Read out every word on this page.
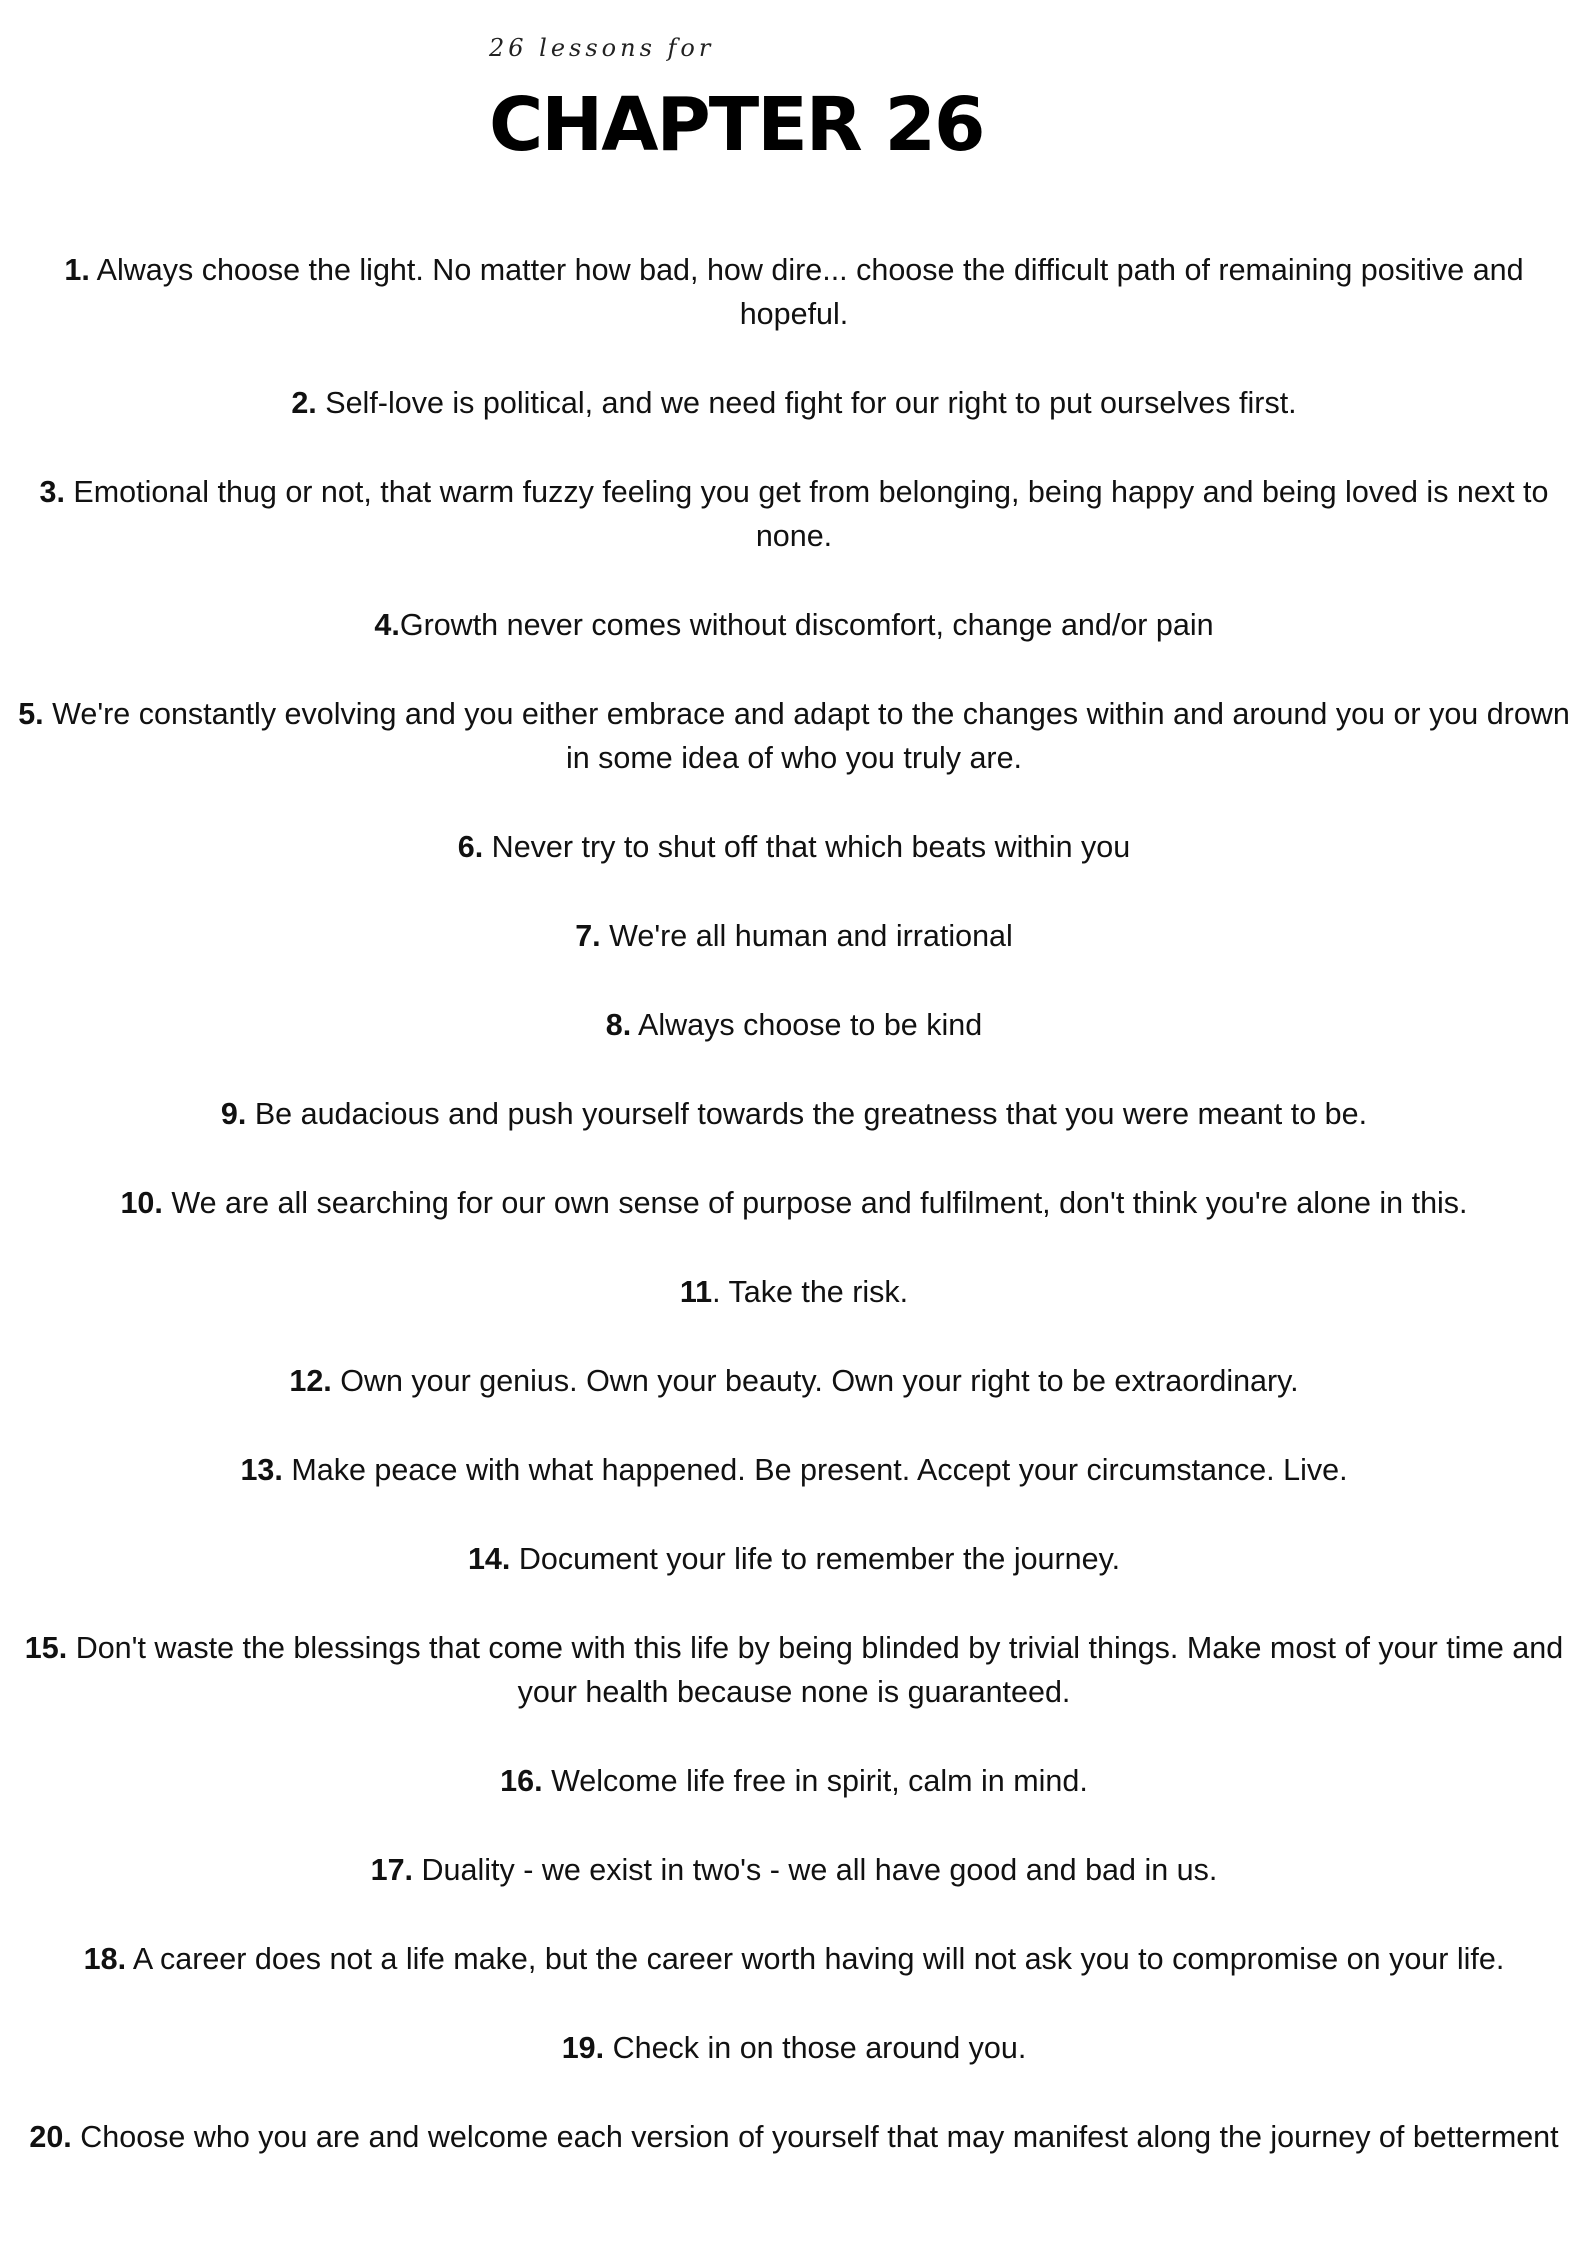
26 lessons for

CHAPTER 26
1. Always choose the light. No matter how bad, how dire... choose the difficult path of remaining positive and hopeful.
2. Self-love is political, and we need fight for our right to put ourselves first.
3. Emotional thug or not, that warm fuzzy feeling you get from belonging, being happy and being loved is next to none.
4.Growth never comes without discomfort, change and/or pain
5. We're constantly evolving and you either embrace and adapt to the changes within and around you or you drown in some idea of who you truly are.
6. Never try to shut off that which beats within you
7. We're all human and irrational
8. Always choose to be kind
9. Be audacious and push yourself towards the greatness that you were meant to be.
10. We are all searching for our own sense of purpose and fulfilment, don't think you're alone in this.
11. Take the risk.
12. Own your genius. Own your beauty. Own your right to be extraordinary.
13. Make peace with what happened. Be present. Accept your circumstance. Live.
14. Document your life to remember the journey.
15. Don't waste the blessings that come with this life by being blinded by trivial things. Make most of your time and your health because none is guaranteed.
16. Welcome life free in spirit, calm in mind.
17. Duality - we exist in two's - we all have good and bad in us.
18. A career does not a life make, but the career worth having will not ask you to compromise on your life.
19. Check in on those around you.
20. Choose who you are and welcome each version of yourself that may manifest along the journey of betterment
